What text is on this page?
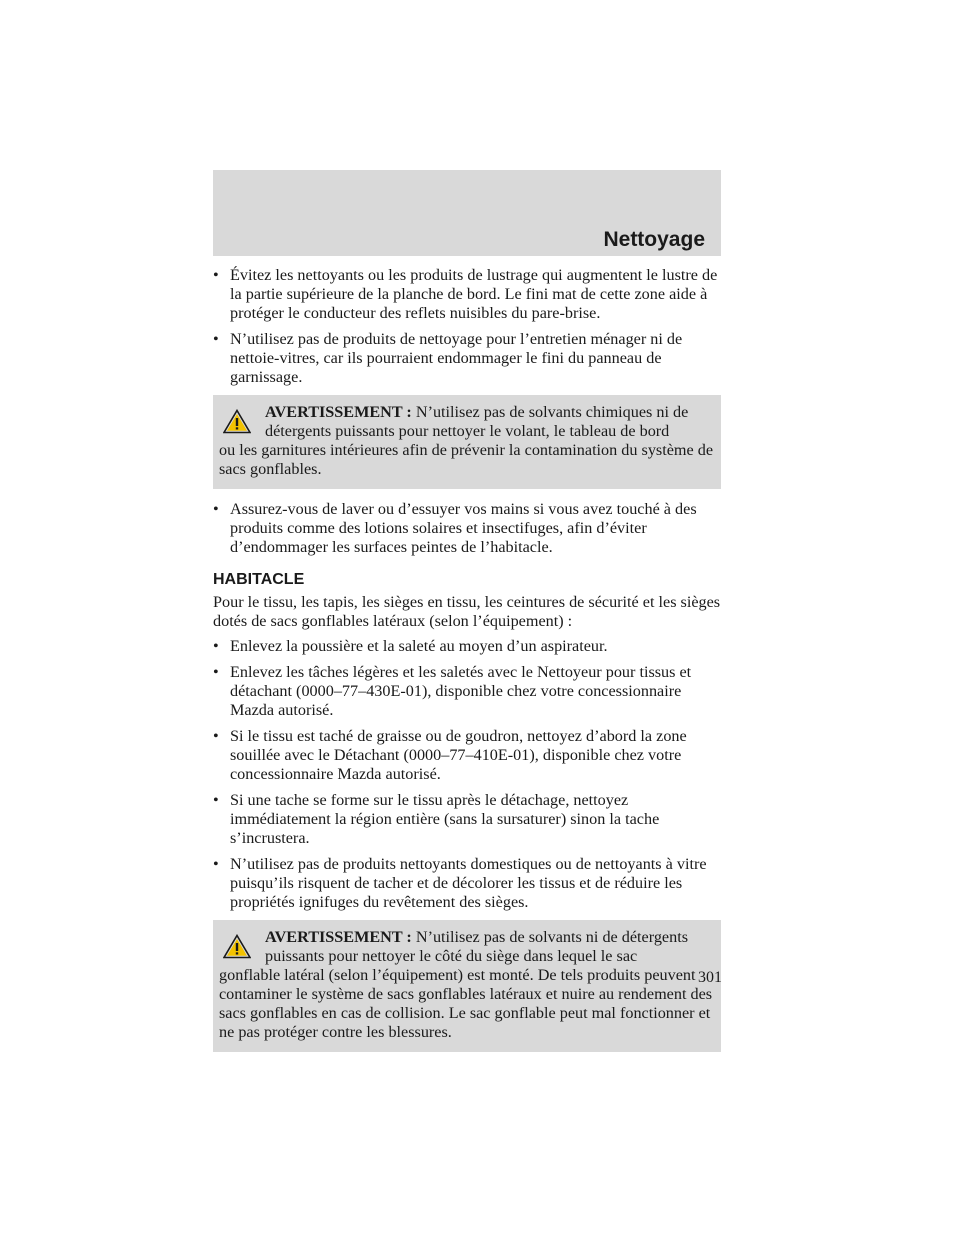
Nettoyage
• Évitez les nettoyants ou les produits de lustrage qui augmentent le lustre de la partie supérieure de la planche de bord. Le fini mat de cette zone aide à protéger le conducteur des reflets nuisibles du pare-brise.
• N’utilisez pas de produits de nettoyage pour l’entretien ménager ni de nettoie-vitres, car ils pourraient endommager le fini du panneau de garnissage.
AVERTISSEMENT : N’utilisez pas de solvants chimiques ni de
détergents puissants pour nettoyer le volant, le tableau de bord
ou les garnitures intérieures afin de prévenir la contamination du système de sacs gonflables.
• Assurez-vous de laver ou d’essuyer vos mains si vous avez touché à des produits comme des lotions solaires et insectifuges, afin d’éviter d’endommager les surfaces peintes de l’habitacle.
HABITACLE
Pour le tissu, les tapis, les sièges en tissu, les ceintures de sécurité et les sièges dotés de sacs gonflables latéraux (selon l’équipement) :
• Enlevez la poussière et la saleté au moyen d’un aspirateur.
• Enlevez les tâches légères et les saletés avec le Nettoyeur pour tissus et détachant (0000–77–430E-01), disponible chez votre concessionnaire Mazda autorisé.
• Si le tissu est taché de graisse ou de goudron, nettoyez d’abord la zone souillée avec le Détachant (0000–77–410E-01), disponible chez votre concessionnaire Mazda autorisé.
• Si une tache se forme sur le tissu après le détachage, nettoyez immédiatement la région entière (sans la sursaturer) sinon la tache s’incrustera.
• N’utilisez pas de produits nettoyants domestiques ou de nettoyants à vitre puisqu’ils risquent de tacher et de décolorer les tissus et de réduire les propriétés ignifuges du revêtement des sièges.
AVERTISSEMENT : N’utilisez pas de solvants ni de détergents
puissants pour nettoyer le côté du siège dans lequel le sac
gonflable latéral (selon l’équipement) est monté. De tels produits peuvent contaminer le système de sacs gonflables latéraux et nuire au rendement des sacs gonflables en cas de collision. Le sac gonflable peut mal fonctionner et ne pas protéger contre les blessures.
301
